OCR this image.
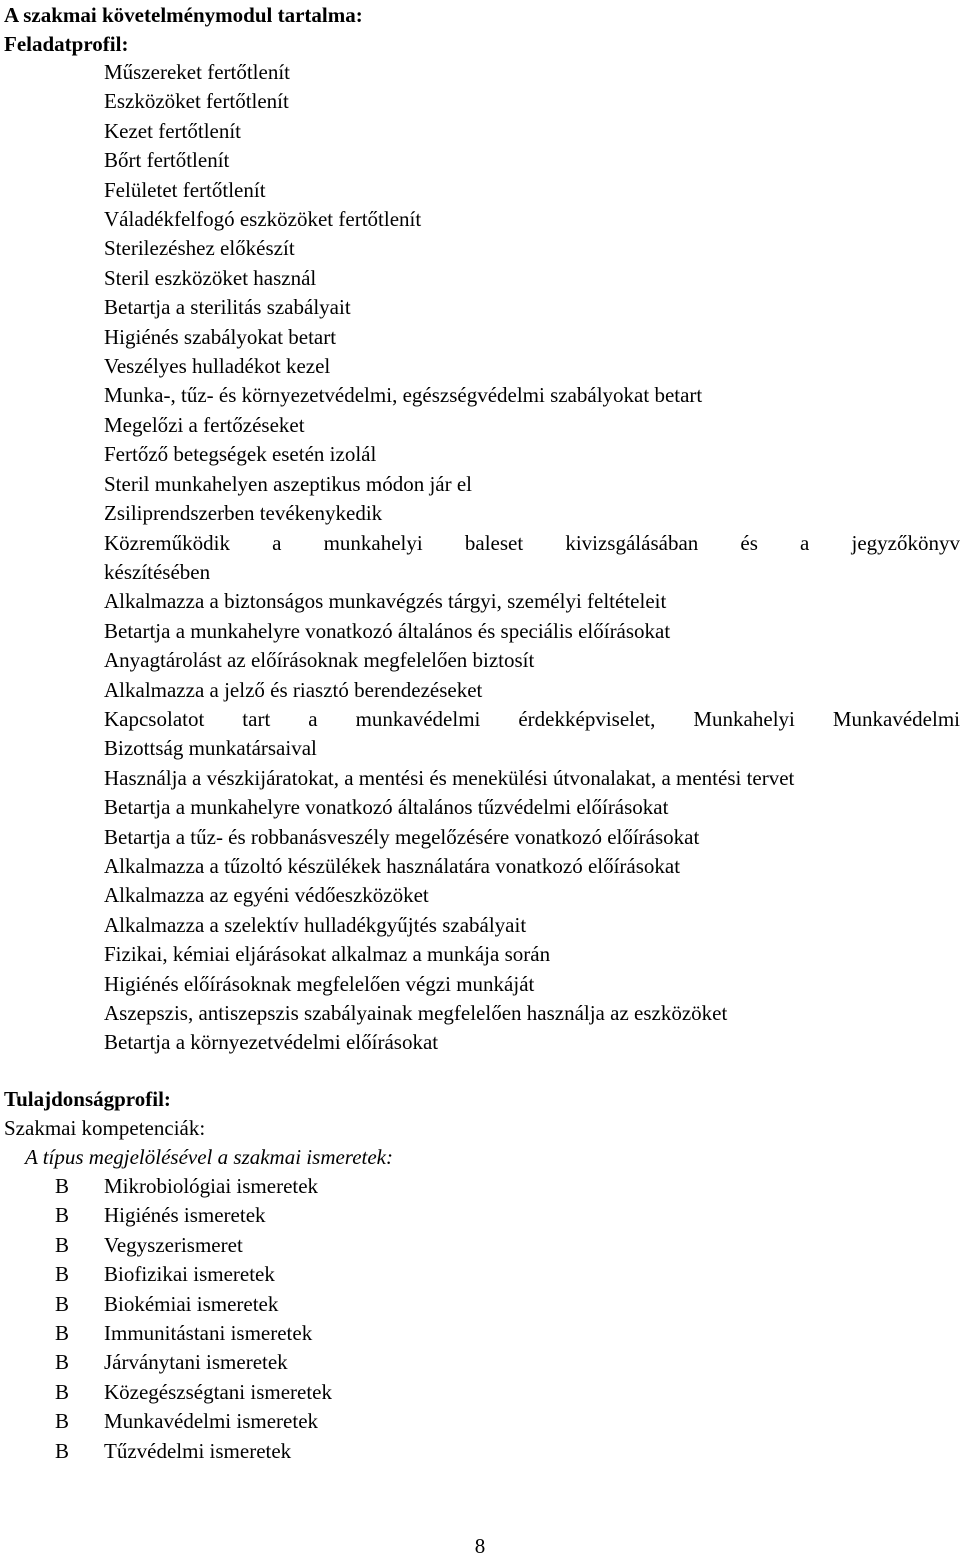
A szakmai követelménymodul tartalma:
Feladatprofil:
Műszereket fertőtlenít
Eszközöket fertőtlenít
Kezet fertőtlenít
Bőrt fertőtlenít
Felületet fertőtlenít
Váladékfelfogó eszközöket fertőtlenít
Sterilezéshez előkészít
Steril eszközöket használ
Betartja a sterilitás szabályait
Higiénés szabályokat betart
Veszélyes hulladékot kezel
Munka-, tűz- és környezetvédelmi, egészségvédelmi szabályokat betart
Megelőzi a fertőzéseket
Fertőző betegségek esetén izolál
Steril munkahelyen aszeptikus módon jár el
Zsiliprendszerben tevékenykedik
Közreműködik a munkahelyi baleset kivizsgálásában és a jegyzőkönyv
készítésében
Alkalmazza a biztonságos munkavégzés tárgyi, személyi feltételeit
Betartja a munkahelyre vonatkozó általános és speciális előírásokat
Anyagtárolást az előírásoknak megfelelően biztosít
Alkalmazza a jelző és riasztó berendezéseket
Kapcsolatot tart a munkavédelmi érdekképviselet, Munkahelyi Munkavédelmi
Bizottság munkatársaival
Használja a vészkijáratokat, a mentési és menekülési útvonalakat, a mentési tervet
Betartja a munkahelyre vonatkozó általános tűzvédelmi előírásokat
Betartja a tűz- és robbanásveszély megelőzésére vonatkozó előírásokat
Alkalmazza a tűzoltó készülékek használatára vonatkozó előírásokat
Alkalmazza az egyéni védőeszközöket
Alkalmazza a szelektív hulladékgyűjtés szabályait
Fizikai, kémiai eljárásokat alkalmaz a munkája során
Higiénés előírásoknak megfelelően végzi munkáját
Aszepszis, antiszepszis szabályainak megfelelően használja az eszközöket
Betartja a környezetvédelmi előírásokat
Tulajdonságprofil:
Szakmai kompetenciák:
A típus megjelölésével a szakmai ismeretek:
B Mikrobiológiai ismeretek
B Higiénés ismeretek
B Vegyszerismeret
B Biofizikai ismeretek
B Biokémiai ismeretek
B Immunitástani ismeretek
B Járványtani ismeretek
B Közegészségtani ismeretek
B Munkavédelmi ismeretek
B Tűzvédelmi ismeretek
8
